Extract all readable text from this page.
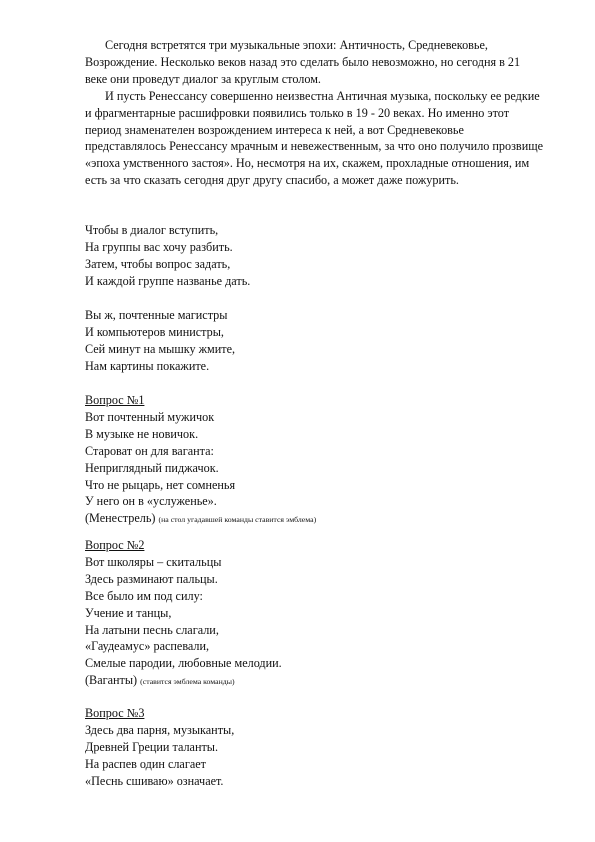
Сегодня встретятся три музыкальные эпохи: Античность, Средневековье, Возрождение. Несколько веков назад это сделать было невозможно, но сегодня в 21 веке они проведут диалог за круглым столом.

И пусть Ренессансу совершенно неизвестна Античная музыка, поскольку ее редкие и фрагментарные расшифровки появились только в 19 - 20 веках. Но именно этот период знаменателен возрождением интереса к ней, а вот Средневековье представлялось Ренессансу мрачным и невежественным, за что оно получило прозвище «эпоха умственного застоя». Но, несмотря на их, скажем, прохладные отношения, им есть за что сказать сегодня друг другу спасибо, а может даже пожурить.

Чтобы в диалог вступить,
На группы вас хочу разбить.
Затем, чтобы вопрос задать,
И каждой группе названье дать.
Вы ж, почтенные магистры
И компьютеров министры,
Сей минут на мышку жмите,
Нам картины покажите.
Вопрос №1
Вот почтенный мужичок
В музыке не новичок.
Староват он для ваганта:
Неприглядный пиджачок.
Что не рыцарь, нет сомненья
У него он в «услуженье».
(Менестрель) (на стол угадавшей команды ставится эмблема)
Вопрос №2
Вот школяры – скитальцы
Здесь разминают пальцы.
Все было им под силу:
Учение и танцы,
На латыни песнь слагали,
«Гаудеамус» распевали,
Смелые пародии, любовные мелодии.
(Ваганты) (ставится эмблема команды)
Вопрос №3
Здесь два парня, музыканты,
Древней Греции таланты.
На распев один слагает
«Песнь сшиваю» означает.
